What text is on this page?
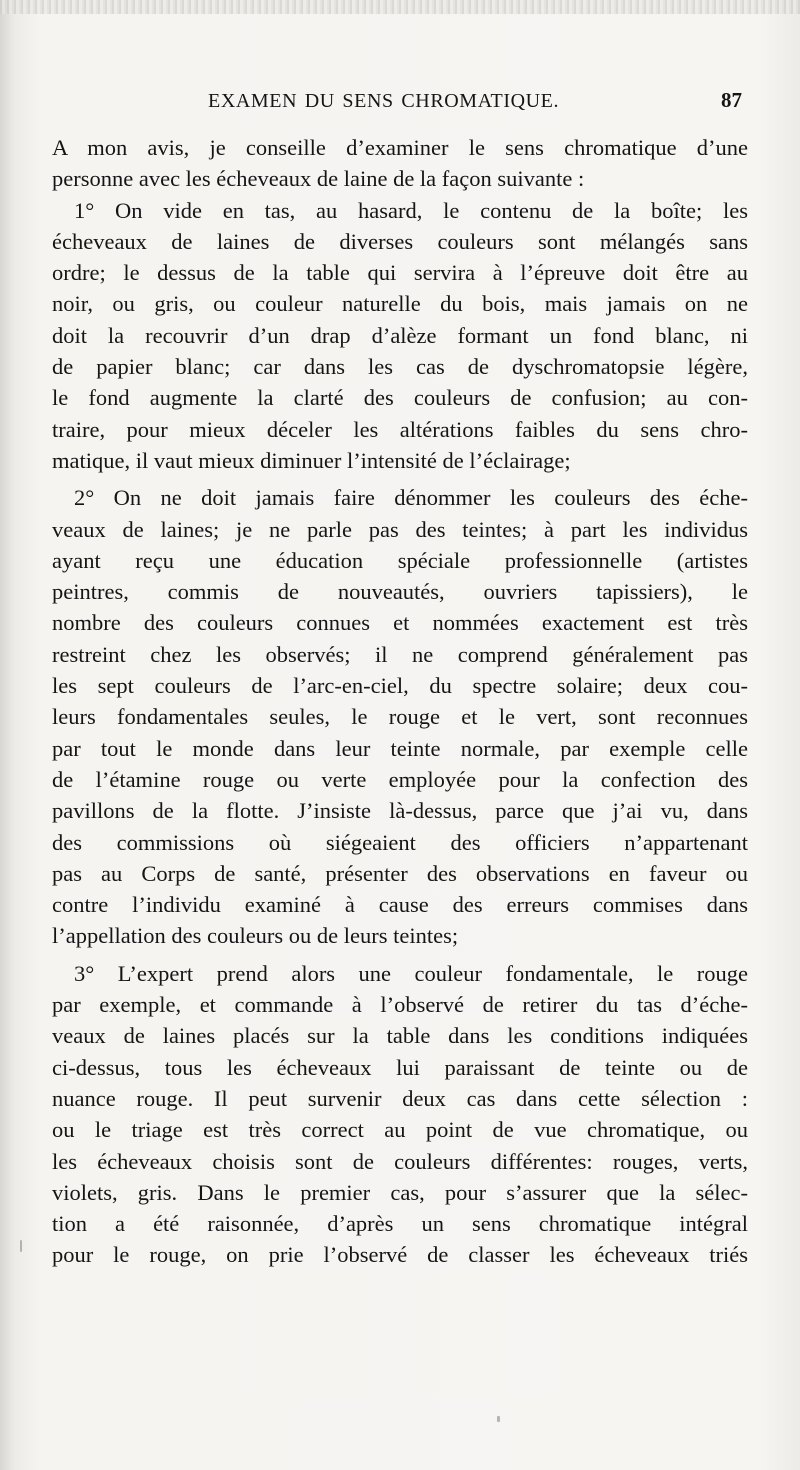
EXAMEN DU SENS CHROMATIQUE.	87
A mon avis, je conseille d’examiner le sens chromatique d’une
personne avec les écheveaux de laine de la façon suivante :
1° On vide en tas, au hasard, le contenu de la boîte; les
écheveaux de laines de diverses couleurs sont mélangés sans
ordre; le dessus de la table qui servira à l’épreuve doit être au
noir, ou gris, ou couleur naturelle du bois, mais jamais on ne
doit la recouvrir d’un drap d’alèze formant un fond blanc, ni
de papier blanc; car dans les cas de dyschromatopsie légère,
le fond augmente la clarté des couleurs de confusion; au con-
traire, pour mieux déceler les altérations faibles du sens chro-
matique, il vaut mieux diminuer l’intensité de l’éclairage;
2° On ne doit jamais faire dénommer les couleurs des éche-
veaux de laines; je ne parle pas des teintes; à part les individus
ayant reçu une éducation spéciale professionnelle (artistes
peintres, commis de nouveautés, ouvriers tapissiers), le
nombre des couleurs connues et nommées exactement est très
restreint chez les observés; il ne comprend généralement pas
les sept couleurs de l’arc-en-ciel, du spectre solaire; deux cou-
leurs fondamentales seules, le rouge et le vert, sont reconnues
par tout le monde dans leur teinte normale, par exemple celle
de l’étamine rouge ou verte employée pour la confection des
pavillons de la flotte. J’insiste là-dessus, parce que j’ai vu, dans
des commissions où siégeaient des officiers n’appartenant
pas au Corps de santé, présenter des observations en faveur ou
contre l’individu examiné à cause des erreurs commises dans
l’appellation des couleurs ou de leurs teintes;
3° L’expert prend alors une couleur fondamentale, le rouge
par exemple, et commande à l’observé de retirer du tas d’éche-
veaux de laines placés sur la table dans les conditions indiquées
ci-dessus, tous les écheveaux lui paraissant de teinte ou de
nuance rouge. Il peut survenir deux cas dans cette sélection :
ou le triage est très correct au point de vue chromatique, ou
les écheveaux choisis sont de couleurs différentes: rouges, verts,
violets, gris. Dans le premier cas, pour s’assurer que la sélec-
tion a été raisonnée, d’après un sens chromatique intégral
pour le rouge, on prie l’observé de classer les écheveaux triés
